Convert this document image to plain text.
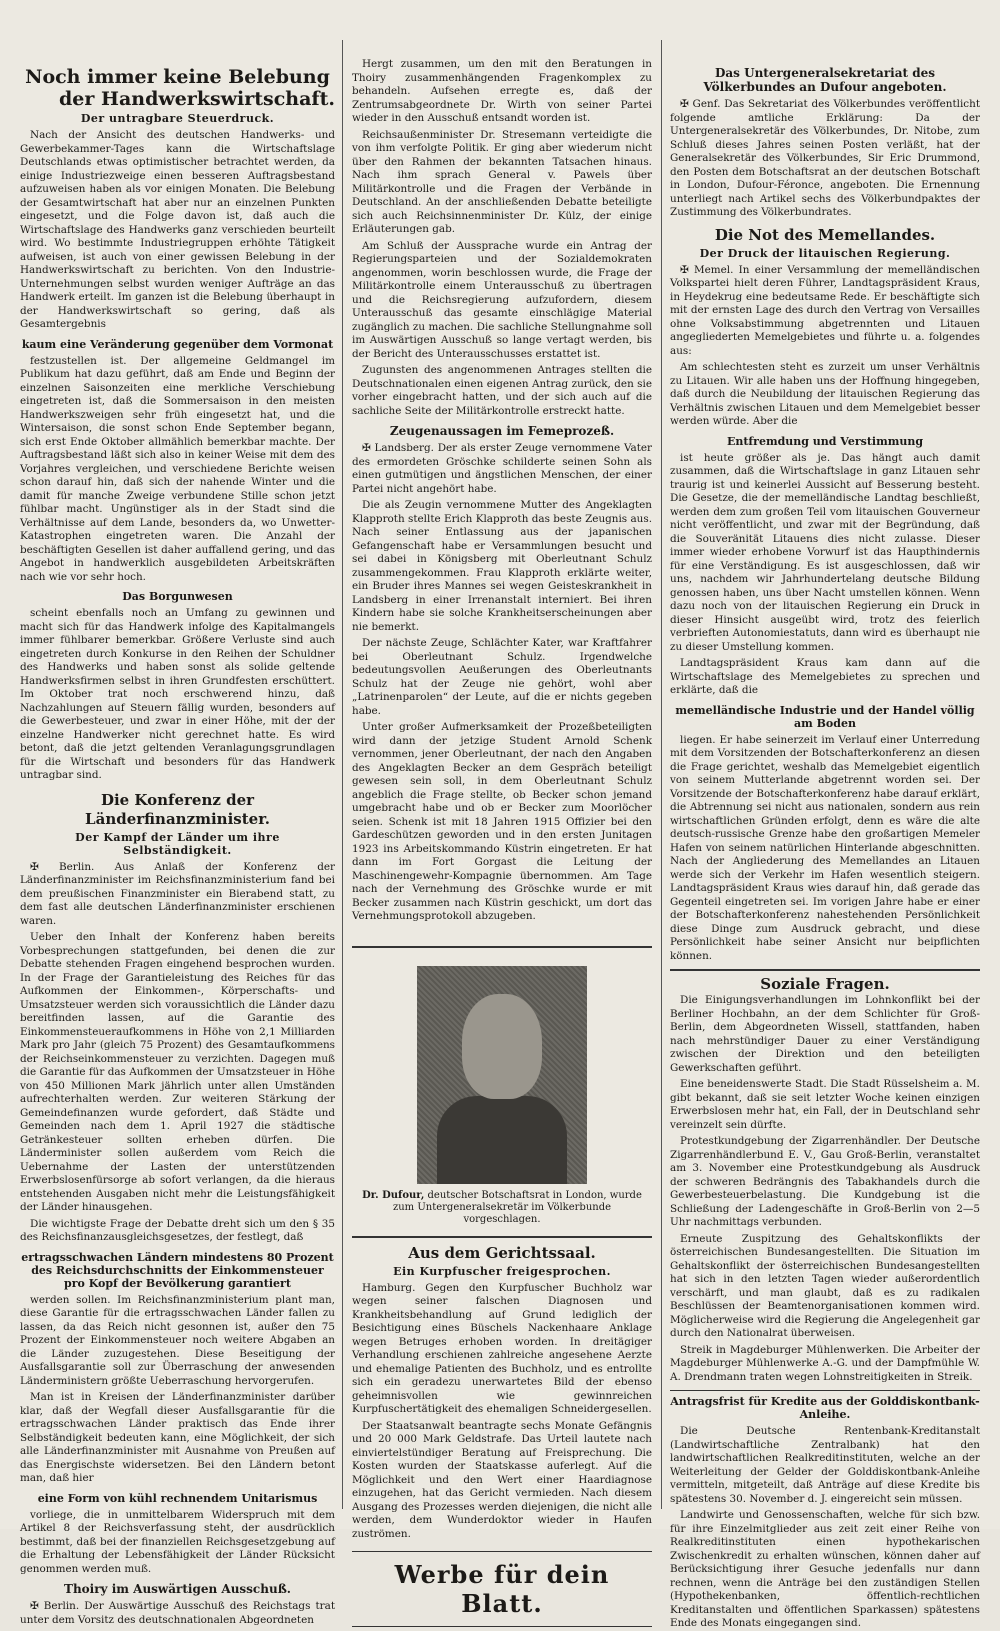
Noch immer keine Belebung
der Handwerkswirtschaft.
Der untragbare Steuerdruck.

Nach der Ansicht des deutschen Handwerks- und Gewerbekammer-Tages kann die Wirtschaftslage Deutschlands etwas optimistischer betrachtet werden, da einige Industriezweige einen besseren Auftragsbestand aufzuweisen haben als vor einigen Monaten. Die Belebung der Gesamtwirtschaft hat aber nur an einzelnen Punkten eingesetzt, und die Folge davon ist, daß auch die Wirtschaftslage des Handwerks ganz verschieden beurteilt wird. Wo bestimmte Industriegruppen erhöhte Tätigkeit aufweisen, ist auch von einer gewissen Belebung in der Handwerkswirtschaft zu berichten. Von den Industrie-Unternehmungen selbst wurden weniger Aufträge an das Handwerk erteilt. Im ganzen ist die Belebung überhaupt in der Handwerkswirtschaft so gering, daß als Gesamtergebnis

kaum eine Veränderung gegenüber dem Vormonat

festzustellen ist. Der allgemeine Geldmangel im Publikum hat dazu geführt, daß am Ende und Beginn der einzelnen Saisonzeiten eine merkliche Verschiebung eingetreten ist, daß die Sommersaison in den meisten Handwerkszweigen sehr früh eingesetzt hat, und die Wintersaison, die sonst schon Ende September begann, sich erst Ende Oktober allmählich bemerkbar machte. Der Auftragsbestand läßt sich also in keiner Weise mit dem des Vorjahres vergleichen, und verschiedene Berichte weisen schon darauf hin, daß sich der nahende Winter und die damit für manche Zweige verbundene Stille schon jetzt fühlbar macht. Ungünstiger als in der Stadt sind die Verhältnisse auf dem Lande, besonders da, wo Unwetter-Katastrophen eingetreten waren. Die Anzahl der beschäftigten Gesellen ist daher auffallend gering, und das Angebot in handwerklich ausgebildeten Arbeitskräften nach wie vor sehr hoch.

Das Borgunwesen

scheint ebenfalls noch an Umfang zu gewinnen und macht sich für das Handwerk infolge des Kapitalmangels immer fühlbarer bemerkbar. Größere Verluste sind auch eingetreten durch Konkurse in den Reihen der Schuldner des Handwerks und haben sonst als solide geltende Handwerksfirmen selbst in ihren Grundfesten erschüttert. Im Oktober trat noch erschwerend hinzu, daß Nachzahlungen auf Steuern fällig wurden, besonders auf die Gewerbesteuer, und zwar in einer Höhe, mit der der einzelne Handwerker nicht gerechnet hatte. Es wird betont, daß die jetzt geltenden Veranlagungsgrundlagen für die Wirtschaft und besonders für das Handwerk untragbar sind.

Die Konferenz der Länderfinanzminister.
Der Kampf der Länder um ihre Selbständigkeit.

✠ Berlin. Aus Anlaß der Konferenz der Länderfinanzminister im Reichsfinanzministerium fand bei dem preußischen Finanzminister ein Bierabend statt, zu dem fast alle deutschen Länderfinanzminister erschienen waren.

Ueber den Inhalt der Konferenz haben bereits Vorbesprechungen stattgefunden, bei denen die zur Debatte stehenden Fragen eingehend besprochen wurden. In der Frage der Garantieleistung des Reiches für das Aufkommen der Einkommen-, Körperschafts- und Umsatzsteuer werden sich voraussichtlich die Länder dazu bereitfinden lassen, auf die Garantie des Einkommensteueraufkommens in Höhe von 2,1 Milliarden Mark pro Jahr (gleich 75 Prozent) des Gesamtaufkommens der Reichseinkommensteuer zu verzichten. Dagegen muß die Garantie für das Aufkommen der Umsatzsteuer in Höhe von 450 Millionen Mark jährlich unter allen Umständen aufrechterhalten werden. Zur weiteren Stärkung der Gemeindefinanzen wurde gefordert, daß Städte und Gemeinden nach dem 1. April 1927 die städtische Getränkesteuer sollten erheben dürfen. Die Länderminister sollen außerdem vom Reich die Uebernahme der Lasten der unterstützenden Erwerbslosenfürsorge ab sofort verlangen, da die hieraus entstehenden Ausgaben nicht mehr die Leistungsfähigkeit der Länder hinausgehen.

Die wichtigste Frage der Debatte dreht sich um den § 35 des Reichsfinanzausgleichsgesetzes, der festlegt, daß

ertragsschwachen Ländern mindestens 80 Prozent des Reichsdurchschnitts der Einkommensteuer pro Kopf der Bevölkerung garantiert

werden sollen. Im Reichsfinanzministerium plant man, diese Garantie für die ertragsschwachen Länder fallen zu lassen, da das Reich nicht gesonnen ist, außer den 75 Prozent der Einkommensteuer noch weitere Abgaben an die Länder zuzugestehen. Diese Beseitigung der Ausfallsgarantie soll zur Überraschung der anwesenden Länderministern größte Ueberraschung hervorgerufen.

Man ist in Kreisen der Länderfinanzminister darüber klar, daß der Wegfall dieser Ausfallsgarantie für die ertragsschwachen Länder praktisch das Ende ihrer Selbständigkeit bedeuten kann, eine Möglichkeit, der sich alle Länderfinanzminister mit Ausnahme von Preußen auf das Energischste widersetzen. Bei den Ländern betont man, daß hier

eine Form von kühl rechnendem Unitarismus

vorliege, die in unmittelbarem Widerspruch mit dem Artikel 8 der Reichsverfassung steht, der ausdrücklich bestimmt, daß bei der finanziellen Reichsgesetzgebung auf die Erhaltung der Lebensfähigkeit der Länder Rücksicht genommen werden muß.

Thoiry im Auswärtigen Ausschuß.

✠ Berlin. Der Auswärtige Ausschuß des Reichstags trat unter dem Vorsitz des deutschnationalen Abgeordneten

Hergt zusammen, um den mit den Beratungen in Thoiry zusammenhängenden Fragenkomplex zu behandeln. Aufsehen erregte es, daß der Zentrumsabgeordnete Dr. Wirth von seiner Partei wieder in den Ausschuß entsandt worden ist.

Reichsaußenminister Dr. Stresemann verteidigte die von ihm verfolgte Politik. Er ging aber wiederum nicht über den Rahmen der bekannten Tatsachen hinaus. Nach ihm sprach General v. Pawels über Militärkontrolle und die Fragen der Verbände in Deutschland. An der anschließenden Debatte beteiligte sich auch Reichsinnenminister Dr. Külz, der einige Erläuterungen gab.

Am Schluß der Aussprache wurde ein Antrag der Regierungsparteien und der Sozialdemokraten angenommen, worin beschlossen wurde, die Frage der Militärkontrolle einem Unterausschuß zu übertragen und die Reichsregierung aufzufordern, diesem Unterausschuß das gesamte einschlägige Material zugänglich zu machen. Die sachliche Stellungnahme soll im Auswärtigen Ausschuß so lange vertagt werden, bis der Bericht des Unterausschusses erstattet ist.

Zugunsten des angenommenen Antrages stellten die Deutschnationalen einen eigenen Antrag zurück, den sie vorher eingebracht hatten, und der sich auch auf die sachliche Seite der Militärkontrolle erstreckt hatte.

Zeugenaussagen im Femeprozeß.

✠ Landsberg. Der als erster Zeuge vernommene Vater des ermordeten Gröschke schilderte seinen Sohn als einen gutmütigen und ängstlichen Menschen, der einer Partei nicht angehört habe.

Die als Zeugin vernommene Mutter des Angeklagten Klapproth stellte Erich Klapproth das beste Zeugnis aus. Nach seiner Entlassung aus der japanischen Gefangenschaft habe er Versammlungen besucht und sei dabei in Königsberg mit Oberleutnant Schulz zusammengekommen. Frau Klapproth erklärte weiter, ein Bruder ihres Mannes sei wegen Geisteskrankheit in Landsberg in einer Irrenanstalt interniert. Bei ihren Kindern habe sie solche Krankheitserscheinungen aber nie bemerkt.

Der nächste Zeuge, Schlächter Kater, war Kraftfahrer bei Oberleutnant Schulz. Irgendwelche bedeutungsvollen Aeußerungen des Oberleutnants Schulz hat der Zeuge nie gehört, wohl aber „Latrinenparolen“ der Leute, auf die er nichts gegeben habe.

Unter großer Aufmerksamkeit der Prozeßbeteiligten wird dann der jetzige Student Arnold Schenk vernommen, jener Oberleutnant, der nach den Angaben des Angeklagten Becker an dem Gespräch beteiligt gewesen sein soll, in dem Oberleutnant Schulz angeblich die Frage stellte, ob Becker schon jemand umgebracht habe und ob er Becker zum Moorlöcher seien. Schenk ist mit 18 Jahren 1915 Offizier bei den Gardeschützen geworden und in den ersten Junitagen 1923 ins Arbeitskommando Küstrin eingetreten. Er hat dann im Fort Gorgast die Leitung der Maschinengewehr-Kompagnie übernommen. Am Tage nach der Vernehmung des Gröschke wurde er mit Becker zusammen nach Küstrin geschickt, um dort das Vernehmungsprotokoll abzugeben.

Dr. Dufour, deutscher Botschaftsrat in London, wurde zum Untergeneralsekretär im Völkerbunde vorgeschlagen.
Aus dem Gerichtssaal.
Ein Kurpfuscher freigesprochen.

Hamburg. Gegen den Kurpfuscher Buchholz war wegen seiner falschen Diagnosen und Krankheitsbehandlung auf Grund lediglich der Besichtigung eines Büschels Nackenhaare Anklage wegen Betruges erhoben worden. In dreitägiger Verhandlung erschienen zahlreiche angesehene Aerzte und ehemalige Patienten des Buchholz, und es entrollte sich ein geradezu unerwartetes Bild der ebenso geheimnisvollen wie gewinnreichen Kurpfuschertätigkeit des ehemaligen Schneidergesellen.

Der Staatsanwalt beantragte sechs Monate Gefängnis und 20 000 Mark Geldstrafe. Das Urteil lautete nach einviertelstündiger Beratung auf Freisprechung. Die Kosten wurden der Staatskasse auferlegt. Auf die Möglichkeit und den Wert einer Haardiagnose einzugehen, hat das Gericht vermieden. Nach diesem Ausgang des Prozesses werden diejenigen, die nicht alle werden, dem Wunderdoktor wieder in Haufen zuströmen.

Werbe für dein Blatt.
Das Untergeneralsekretariat des Völkerbundes an Dufour angeboten.

✠ Genf. Das Sekretariat des Völkerbundes veröffentlicht folgende amtliche Erklärung: Da der Untergeneralsekretär des Völkerbundes, Dr. Nitobe, zum Schluß dieses Jahres seinen Posten verläßt, hat der Generalsekretär des Völkerbundes, Sir Eric Drummond, den Posten dem Botschaftsrat an der deutschen Botschaft in London, Dufour-Féronce, angeboten. Die Ernennung unterliegt nach Artikel sechs des Völkerbundpaktes der Zustimmung des Völkerbundrates.

Die Not des Memellandes.
Der Druck der litauischen Regierung.

✠ Memel. In einer Versammlung der memelländischen Volkspartei hielt deren Führer, Landtagspräsident Kraus, in Heydekrug eine bedeutsame Rede. Er beschäftigte sich mit der ernsten Lage des durch den Vertrag von Versailles ohne Volksabstimmung abgetrennten und Litauen angegliederten Memelgebietes und führte u. a. folgendes aus:

Am schlechtesten steht es zurzeit um unser Verhältnis zu Litauen. Wir alle haben uns der Hoffnung hingegeben, daß durch die Neubildung der litauischen Regierung das Verhältnis zwischen Litauen und dem Memelgebiet besser werden würde. Aber die

Entfremdung und Verstimmung

ist heute größer als je. Das hängt auch damit zusammen, daß die Wirtschaftslage in ganz Litauen sehr traurig ist und keinerlei Aussicht auf Besserung besteht. Die Gesetze, die der memelländische Landtag beschließt, werden dem zum großen Teil vom litauischen Gouverneur nicht veröffentlicht, und zwar mit der Begründung, daß die Souveränität Litauens dies nicht zulasse. Dieser immer wieder erhobene Vorwurf ist das Haupthindernis für eine Verständigung. Es ist ausgeschlossen, daß wir uns, nachdem wir Jahrhundertelang deutsche Bildung genossen haben, uns über Nacht umstellen können. Wenn dazu noch von der litauischen Regierung ein Druck in dieser Hinsicht ausgeübt wird, trotz des feierlich verbrieften Autonomiestatuts, dann wird es überhaupt nie zu dieser Umstellung kommen.

Landtagspräsident Kraus kam dann auf die Wirtschaftslage des Memelgebietes zu sprechen und erklärte, daß die

memelländische Industrie und der Handel völlig am Boden

liegen. Er habe seinerzeit im Verlauf einer Unterredung mit dem Vorsitzenden der Botschafterkonferenz an diesen die Frage gerichtet, weshalb das Memelgebiet eigentlich von seinem Mutterlande abgetrennt worden sei. Der Vorsitzende der Botschafterkonferenz habe darauf erklärt, die Abtrennung sei nicht aus nationalen, sondern aus rein wirtschaftlichen Gründen erfolgt, denn es wäre die alte deutsch-russische Grenze habe den großartigen Memeler Hafen von seinem natürlichen Hinterlande abgeschnitten. Nach der Angliederung des Memellandes an Litauen werde sich der Verkehr im Hafen wesentlich steigern. Landtagspräsident Kraus wies darauf hin, daß gerade das Gegenteil eingetreten sei. Im vorigen Jahre habe er einer der Botschafterkonferenz nahestehenden Persönlichkeit diese Dinge zum Ausdruck gebracht, und diese Persönlichkeit habe seiner Ansicht nur beipflichten können.

Soziale Fragen.

Die Einigungsverhandlungen im Lohnkonflikt bei der Berliner Hochbahn, an der dem Schlichter für Groß-Berlin, dem Abgeordneten Wissell, stattfanden, haben nach mehrstündiger Dauer zu einer Verständigung zwischen der Direktion und den beteiligten Gewerkschaften geführt.

Eine beneidenswerte Stadt. Die Stadt Rüsselsheim a. M. gibt bekannt, daß sie seit letzter Woche keinen einzigen Erwerbslosen mehr hat, ein Fall, der in Deutschland sehr vereinzelt sein dürfte.

Protestkundgebung der Zigarrenhändler. Der Deutsche Zigarrenhändlerbund E. V., Gau Groß-Berlin, veranstaltet am 3. November eine Protestkundgebung als Ausdruck der schweren Bedrängnis des Tabakhandels durch die Gewerbesteuerbelastung. Die Kundgebung ist die Schließung der Ladengeschäfte in Groß-Berlin von 2—5 Uhr nachmittags verbunden.

Erneute Zuspitzung des Gehaltskonflikts der österreichischen Bundesangestellten. Die Situation im Gehaltskonflikt der österreichischen Bundesangestellten hat sich in den letzten Tagen wieder außerordentlich verschärft, und man glaubt, daß es zu radikalen Beschlüssen der Beamtenorganisationen kommen wird. Möglicherweise wird die Regierung die Angelegenheit gar durch den Nationalrat überweisen.

Streik in Magdeburger Mühlenwerken. Die Arbeiter der Magdeburger Mühlenwerke A.-G. und der Dampfmühle W. A. Drendmann traten wegen Lohnstreitigkeiten in Streik.

Antragsfrist für Kredite aus der Golddiskontbank-Anleihe.

Die Deutsche Rentenbank-Kreditanstalt (Landwirtschaftliche Zentralbank) hat den landwirtschaftlichen Realkreditinstituten, welche an der Weiterleitung der Gelder der Golddiskontbank-Anleihe vermitteln, mitgeteilt, daß Anträge auf diese Kredite bis spätestens 30. November d. J. eingereicht sein müssen.

Landwirte und Genossenschaften, welche für sich bzw. für ihre Einzelmitglieder aus zeit zeit einer Reihe von Realkreditinstituten einen hypothekarischen Zwischenkredit zu erhalten wünschen, können daher auf Berücksichtigung ihrer Gesuche jedenfalls nur dann rechnen, wenn die Anträge bei den zuständigen Stellen (Hypothekenbanken, öffentlich-rechtlichen Kreditanstalten und öffentlichen Sparkassen) spätestens Ende des Monats eingegangen sind.
